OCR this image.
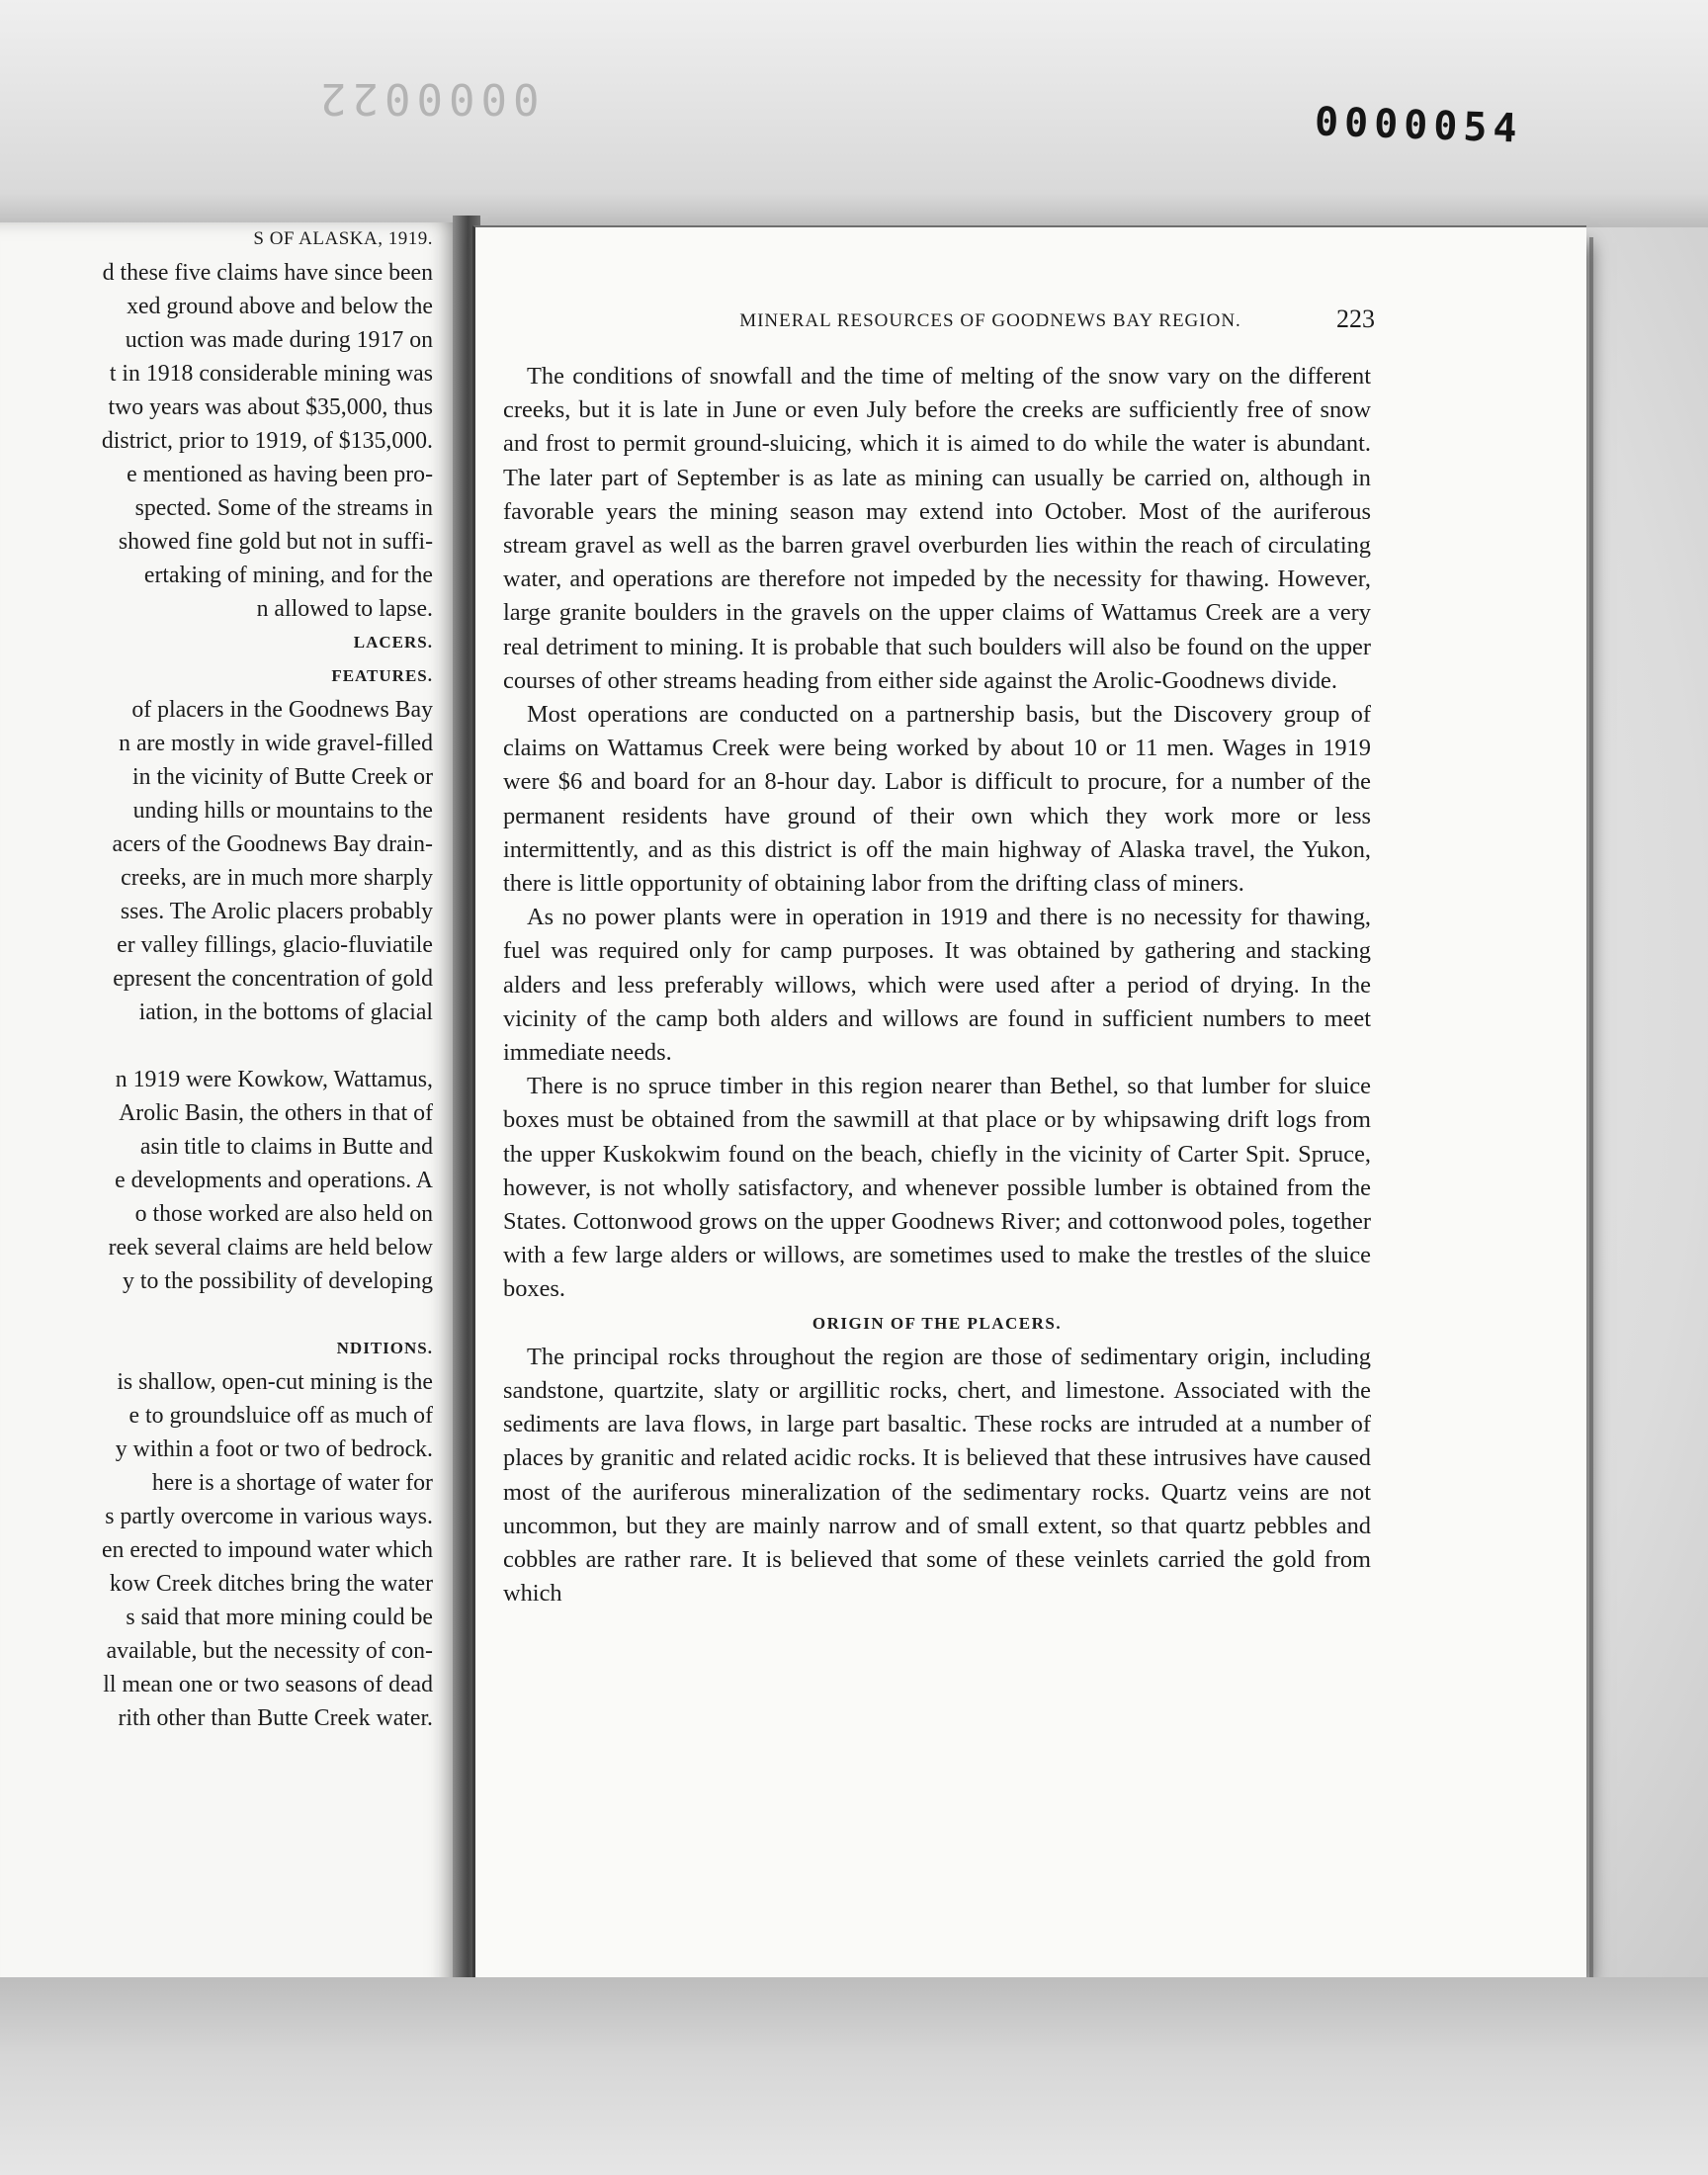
0000022
0000054
S OF ALASKA, 1919.
d these five claims have since been
xed ground above and below the
uction was made during 1917 on
t in 1918 considerable mining was
two years was about $35,000, thus
district, prior to 1919, of $135,000.
e mentioned as having been pro-
spected. Some of the streams in
showed fine gold but not in suffi-
ertaking of mining, and for the
n allowed to lapse.
LACERS.
FEATURES.
of placers in the Goodnews Bay
n are mostly in wide gravel-filled
in the vicinity of Butte Creek or
unding hills or mountains to the
acers of the Goodnews Bay drain-
creeks, are in much more sharply
sses. The Arolic placers probably
er valley fillings, glacio-fluviatile
epresent the concentration of gold
iation, in the bottoms of glacial
n 1919 were Kowkow, Wattamus,
Arolic Basin, the others in that of
asin title to claims in Butte and
e developments and operations. A
o those worked are also held on
reek several claims are held below
y to the possibility of developing
NDITIONS.
is shallow, open-cut mining is the
e to groundsluice off as much of
y within a foot or two of bedrock.
here is a shortage of water for
s partly overcome in various ways.
en erected to impound water which
kow Creek ditches bring the water
s said that more mining could be
available, but the necessity of con-
ll mean one or two seasons of dead
rith other than Butte Creek water.
MINERAL RESOURCES OF GOODNEWS BAY REGION.	223

The conditions of snowfall and the time of melting of the snow vary on the different creeks, but it is late in June or even July before the creeks are sufficiently free of snow and frost to permit ground-sluicing, which it is aimed to do while the water is abundant. The later part of September is as late as mining can usually be carried on, although in favorable years the mining season may extend into October. Most of the auriferous stream gravel as well as the barren gravel overburden lies within the reach of circulating water, and operations are therefore not impeded by the necessity for thawing. However, large granite boulders in the gravels on the upper claims of Wattamus Creek are a very real detriment to mining. It is probable that such boulders will also be found on the upper courses of other streams heading from either side against the Arolic-Goodnews divide.

Most operations are conducted on a partnership basis, but the Discovery group of claims on Wattamus Creek were being worked by about 10 or 11 men. Wages in 1919 were $6 and board for an 8-hour day. Labor is difficult to procure, for a number of the permanent residents have ground of their own which they work more or less intermittently, and as this district is off the main highway of Alaska travel, the Yukon, there is little opportunity of obtaining labor from the drifting class of miners.

As no power plants were in operation in 1919 and there is no necessity for thawing, fuel was required only for camp purposes. It was obtained by gathering and stacking alders and less preferably willows, which were used after a period of drying. In the vicinity of the camp both alders and willows are found in sufficient numbers to meet immediate needs.

There is no spruce timber in this region nearer than Bethel, so that lumber for sluice boxes must be obtained from the sawmill at that place or by whipsawing drift logs from the upper Kuskokwim found on the beach, chiefly in the vicinity of Carter Spit. Spruce, however, is not wholly satisfactory, and whenever possible lumber is obtained from the States. Cottonwood grows on the upper Goodnews River; and cottonwood poles, together with a few large alders or willows, are sometimes used to make the trestles of the sluice boxes.

ORIGIN OF THE PLACERS.

The principal rocks throughout the region are those of sedimentary origin, including sandstone, quartzite, slaty or argillitic rocks, chert, and limestone. Associated with the sediments are lava flows, in large part basaltic. These rocks are intruded at a number of places by granitic and related acidic rocks. It is believed that these intrusives have caused most of the auriferous mineralization of the sedimentary rocks. Quartz veins are not uncommon, but they are mainly narrow and of small extent, so that quartz pebbles and cobbles are rather rare. It is believed that some of these veinlets carried the gold from which
